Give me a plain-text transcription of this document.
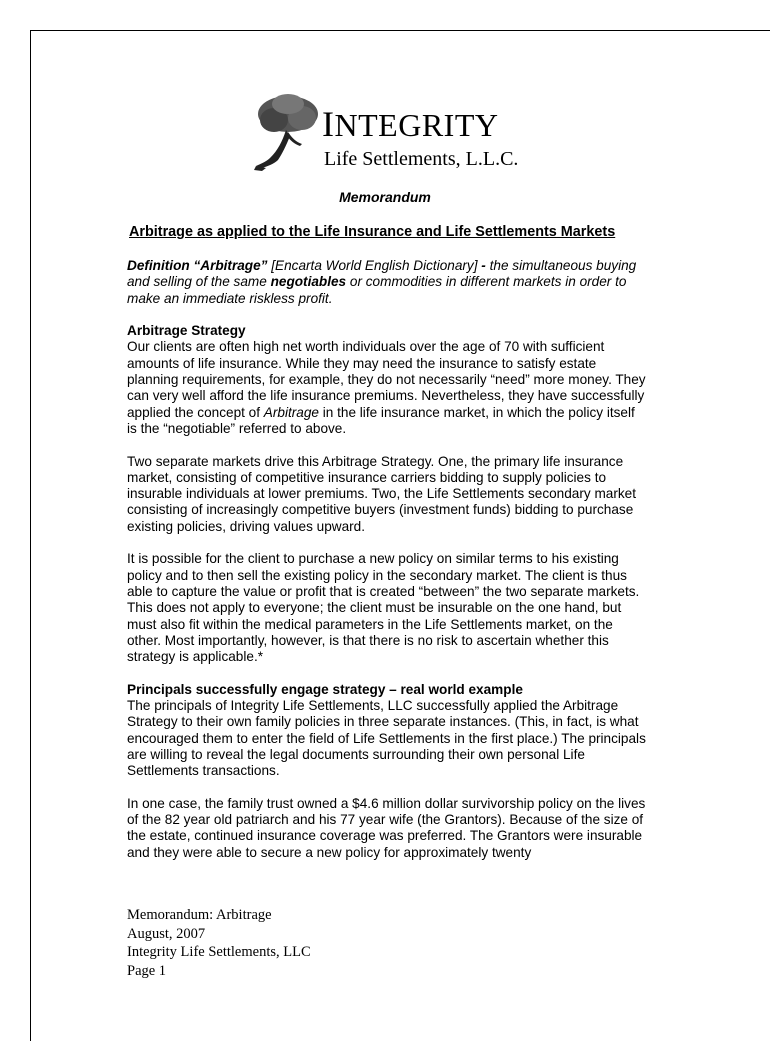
INTEGRITY
Life Settlements, L.L.C.
Memorandum
Arbitrage as applied to the Life Insurance and Life Settlements Markets

Definition “Arbitrage” [Encarta World English Dictionary] - the simultaneous buying and selling of the same negotiables or commodities in different markets in order to make an immediate riskless profit.

Arbitrage Strategy
Our clients are often high net worth individuals over the age of 70 with sufficient amounts of life insurance. While they may need the insurance to satisfy estate planning requirements, for example, they do not necessarily “need” more money. They can very well afford the life insurance premiums. Nevertheless, they have successfully applied the concept of Arbitrage in the life insurance market, in which the policy itself is the “negotiable” referred to above.

Two separate markets drive this Arbitrage Strategy. One, the primary life insurance market, consisting of competitive insurance carriers bidding to supply policies to insurable individuals at lower premiums. Two, the Life Settlements secondary market consisting of increasingly competitive buyers (investment funds) bidding to purchase existing policies, driving values upward.

It is possible for the client to purchase a new policy on similar terms to his existing policy and to then sell the existing policy in the secondary market. The client is thus able to capture the value or profit that is created “between” the two separate markets. This does not apply to everyone; the client must be insurable on the one hand, but must also fit within the medical parameters in the Life Settlements market, on the other. Most importantly, however, is that there is no risk to ascertain whether this strategy is applicable.*

Principals successfully engage strategy – real world example
The principals of Integrity Life Settlements, LLC successfully applied the Arbitrage Strategy to their own family policies in three separate instances. (This, in fact, is what encouraged them to enter the field of Life Settlements in the first place.) The principals are willing to reveal the legal documents surrounding their own personal Life Settlements transactions.

In one case, the family trust owned a $4.6 million dollar survivorship policy on the lives of the 82 year old patriarch and his 77 year wife (the Grantors). Because of the size of the estate, continued insurance coverage was preferred. The Grantors were insurable and they were able to secure a new policy for approximately twenty

Memorandum: Arbitrage
August, 2007
Integrity Life Settlements, LLC
Page 1
